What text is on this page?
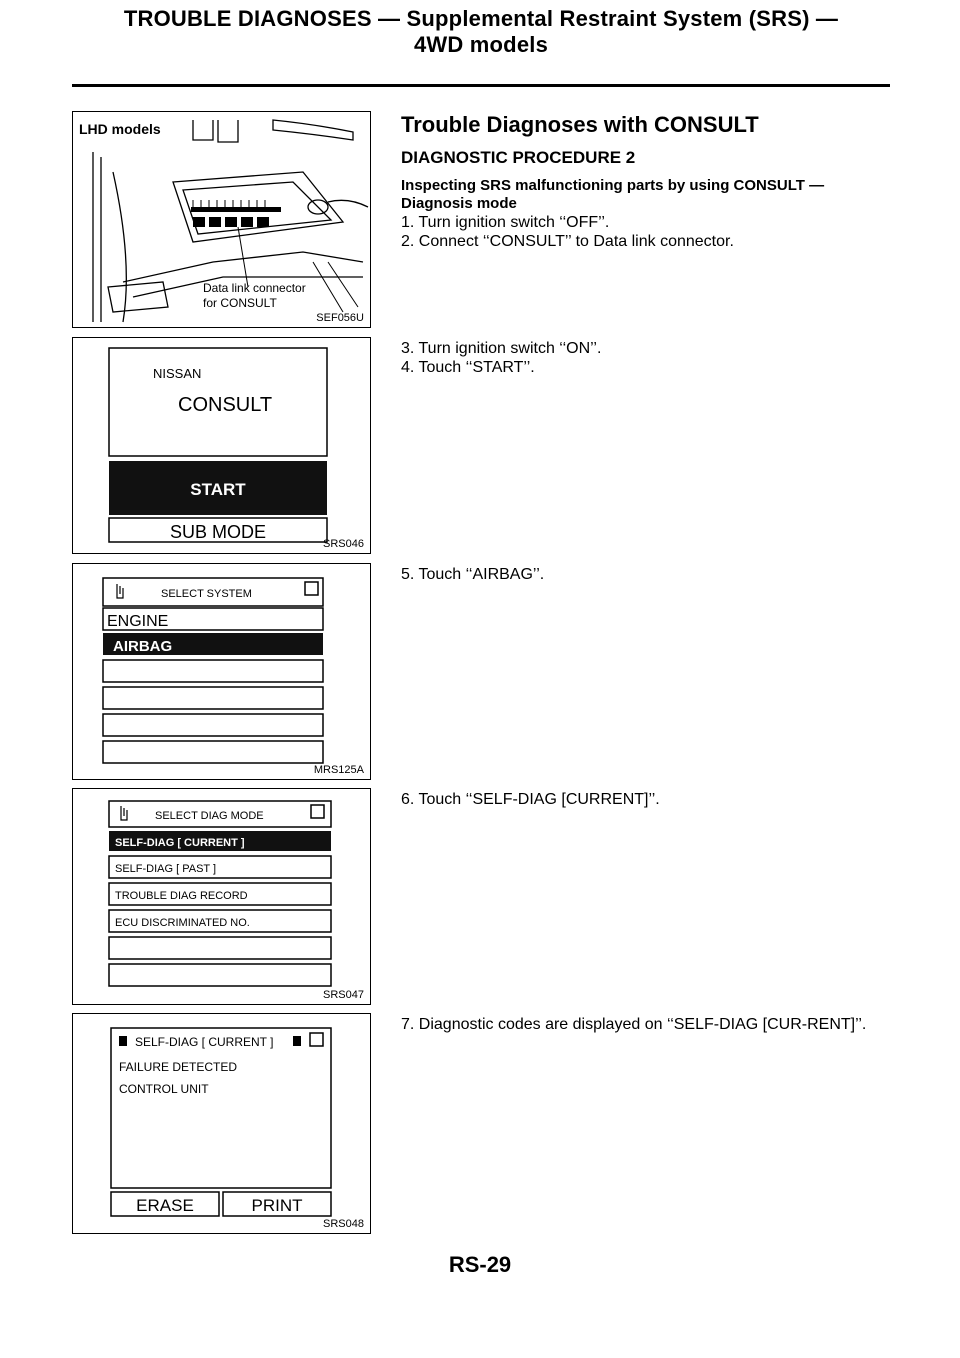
TROUBLE DIAGNOSES — Supplemental Restraint System (SRS) —
4WD models
LHD models
Data link connector
for CONSULT
SEF056U
NISSAN
CONSULT
START
SUB MODE
SRS046
SELECT SYSTEM
ENGINE
AIRBAG
MRS125A
SELECT DIAG MODE
SELF-DIAG [ CURRENT ]
SELF-DIAG [ PAST ]
TROUBLE DIAG RECORD
ECU DISCRIMINATED NO.
SRS047
SELF-DIAG [ CURRENT ]
FAILURE DETECTED
CONTROL UNIT
ERASE	PRINT
SRS048
Trouble Diagnoses with CONSULT
DIAGNOSTIC PROCEDURE 2
Inspecting SRS malfunctioning parts by using CONSULT —
Diagnosis mode
1. Turn ignition switch ‘‘OFF’’.
2. Connect ‘‘CONSULT’’ to Data link connector.
3. Turn ignition switch ‘‘ON’’.
4. Touch ‘‘START’’.
5. Touch ‘‘AIRBAG’’.
6. Touch ‘‘SELF-DIAG [CURRENT]’’.
7. Diagnostic codes are displayed on ‘‘SELF-DIAG [CUR-RENT]’’.
RS-29
